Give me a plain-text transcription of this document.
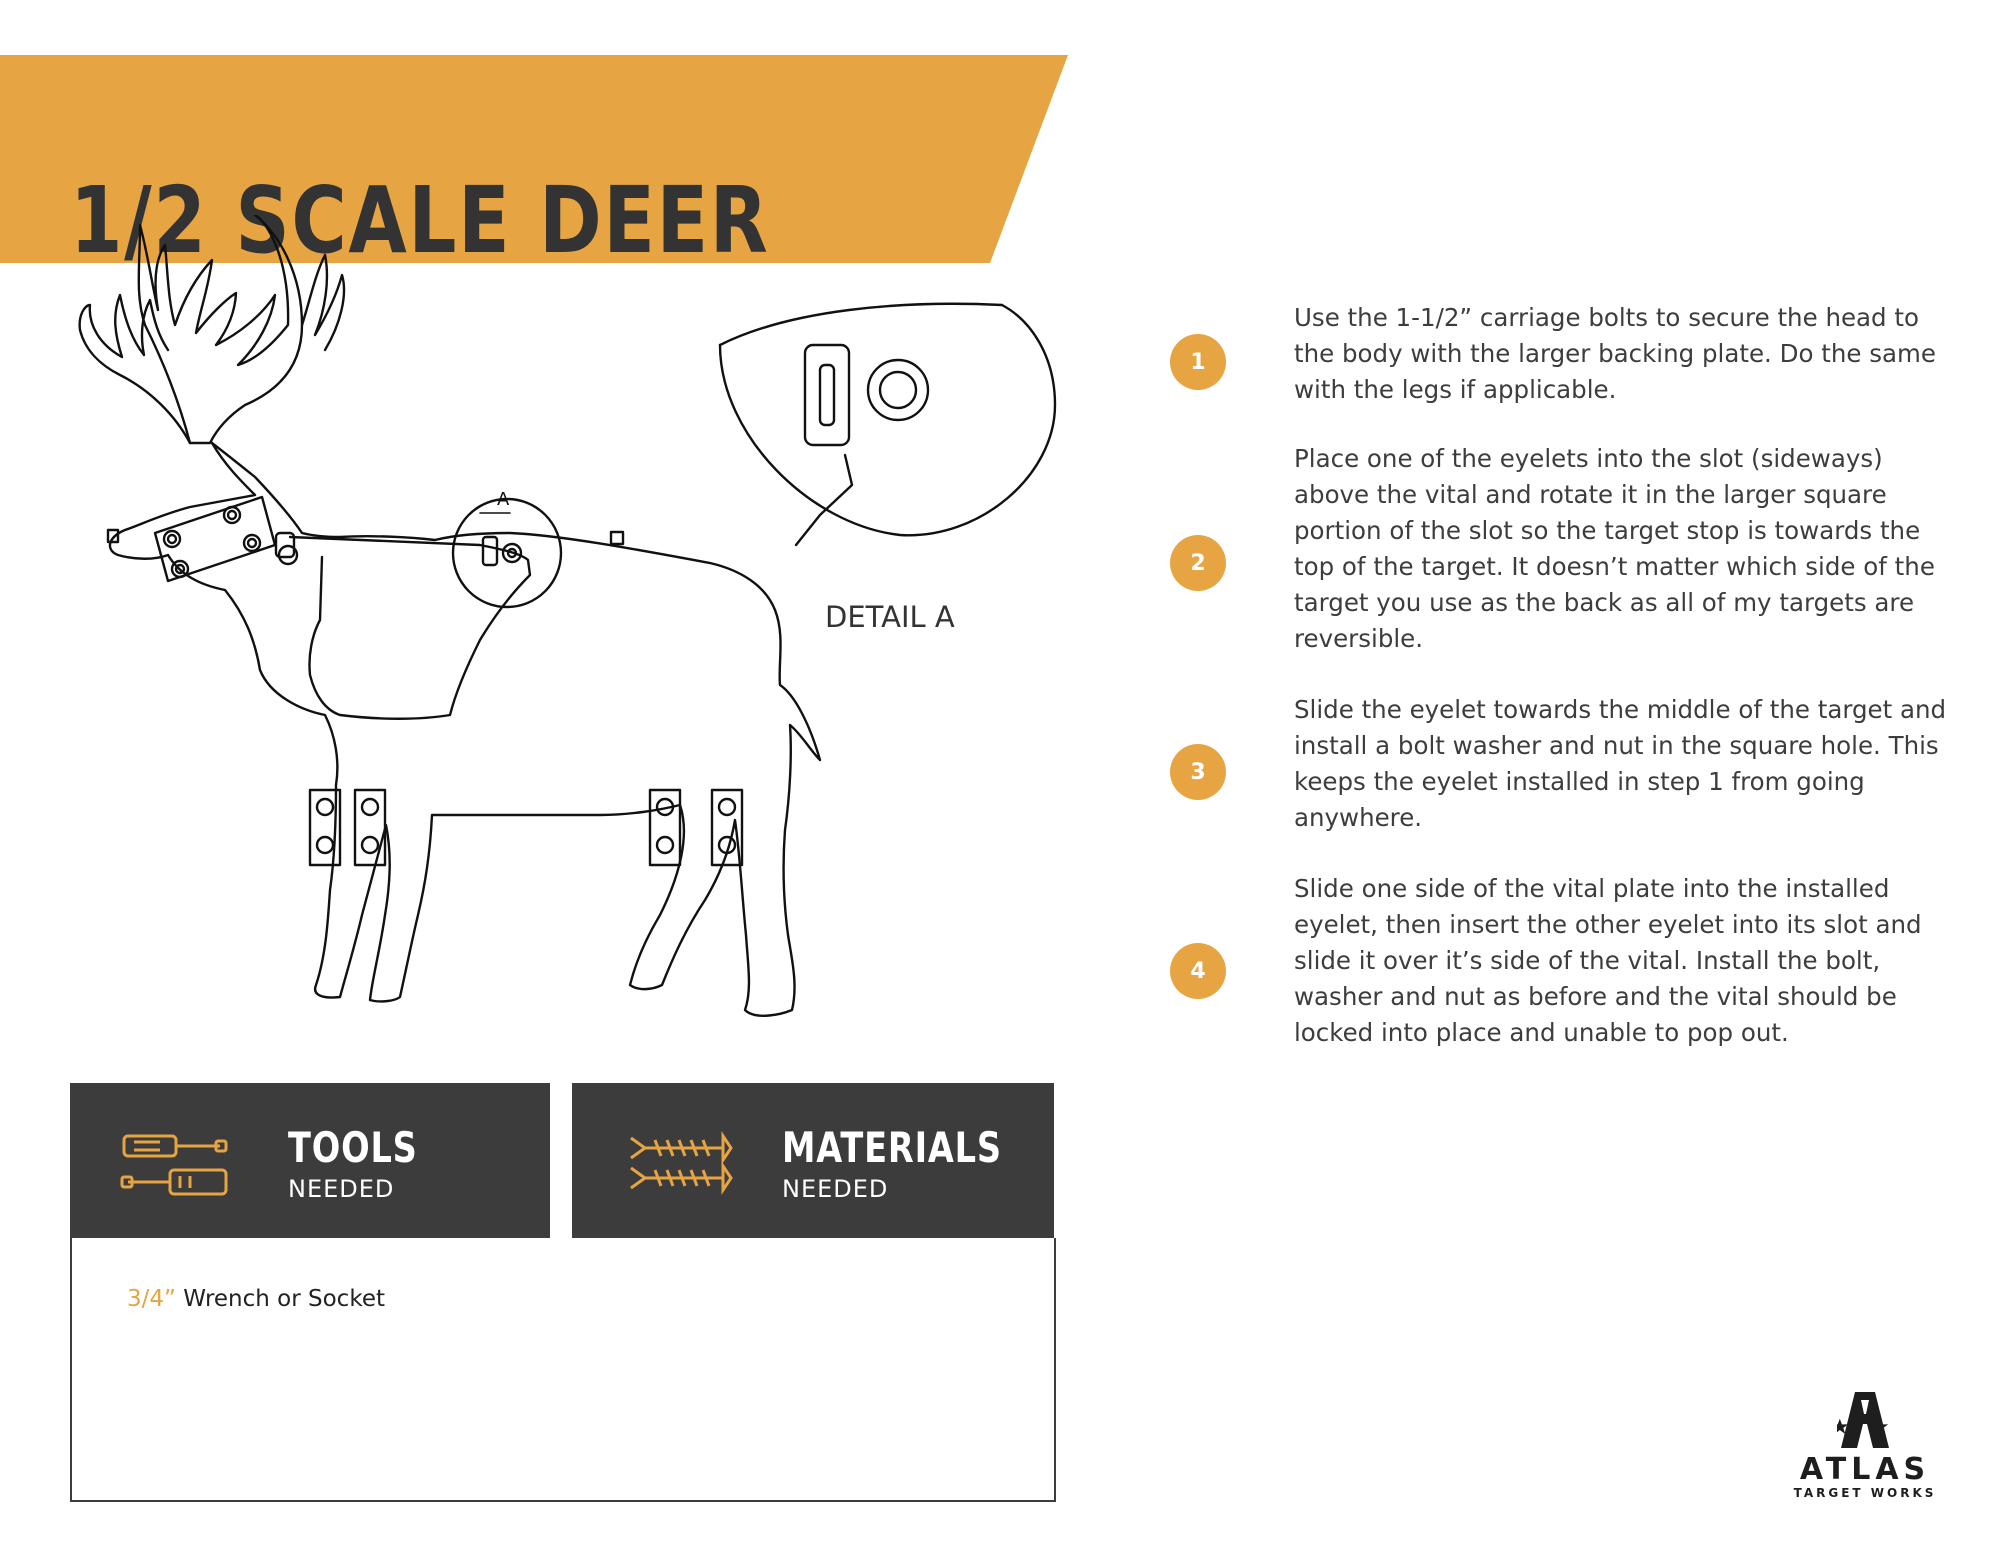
1/2 SCALE DEER
A
DETAIL A
1

Use the 1-1/2” carriage bolts to secure the head to the body with the larger backing plate. Do the same with the legs if applicable.

2

Place one of the eyelets into the slot (sideways) above the vital and rotate it in the larger square portion of the slot so the target stop is towards the top of the target. It doesn’t matter which side of the target you use as the back as all of my targets are reversible.

3

Slide the eyelet towards the middle of the target and install a bolt washer and nut in the square hole. This keeps the eyelet installed in step 1 from going anywhere.

4

Slide one side of the vital plate into the installed eyelet, then insert the other eyelet into its slot and slide it over it’s side of the vital. Install the bolt, washer and nut as before and the vital should be locked into place and unable to pop out.

TOOLS
NEEDED
MATERIALS
NEEDED
3/4” Wrench or Socket
ATLAS
TARGET WORKS
